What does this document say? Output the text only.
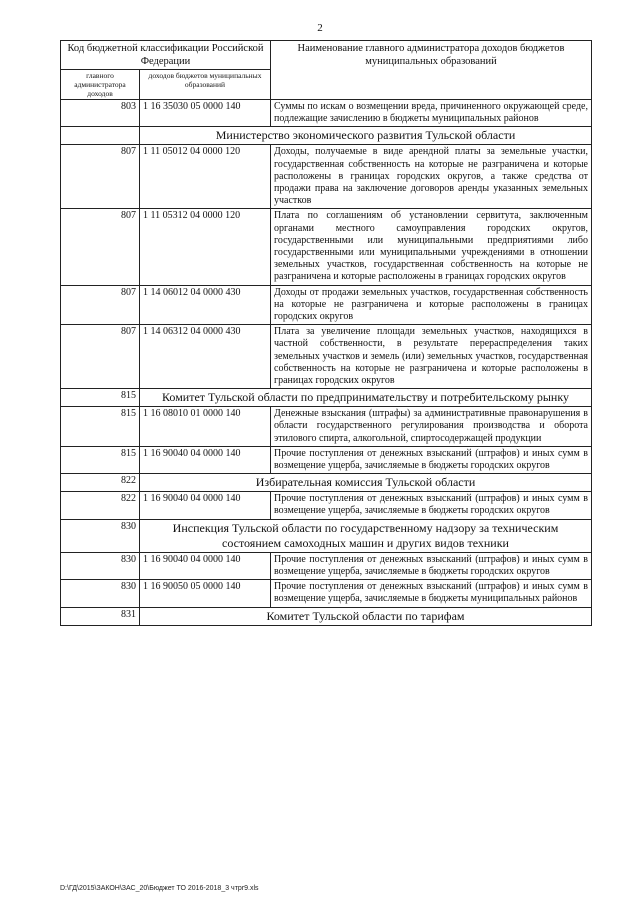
2
Код бюджетной классификации Российской Федерации		Наименование главного администратора доходов бюджетов муниципальных образований
главного администратора доходов	доходов бюджетов муниципальных образований	
803	1 16 35030 05 0000 140	Суммы по искам о возмещении вреда, причиненного окружающей среде, подлежащие зачислению в бюджеты муниципальных районов
	Министерство экономического развития Тульской области	
807	1 11 05012 04 0000 120	Доходы, получаемые в виде арендной платы за земельные участки, государственная собственность на которые не разграничена и которые расположены в границах городских округов, а также средства от продажи права на заключение договоров аренды указанных земельных участков
807	1 11 05312 04 0000 120	Плата по соглашениям об установлении сервитута, заключенным органами местного самоуправления городских округов, государственными или муниципальными предприятиями либо государственными или муниципальными учреждениями в отношении земельных участков, государственная собственность на которые не разграничена и которые расположены в границах городских округов
807	1 14 06012 04 0000 430	Доходы от продажи земельных участков, государственная собственность на которые не разграничена и которые расположены в границах городских округов
807	1 14 06312 04 0000 430	Плата за увеличение площади земельных участков, находящихся в частной собственности, в результате перераспределения таких земельных участков и земель (или) земельных участков, государственная собственность на которые не разграничена и которые расположены в границах городских округов
815	Комитет Тульской области по предпринимательству и потребительскому рынку	
815	1 16 08010 01 0000 140	Денежные взыскания (штрафы) за административные правонарушения в области государственного регулирования производства и оборота этилового спирта, алкогольной, спиртосодержащей продукции
815	1 16 90040 04 0000 140	Прочие поступления от денежных взысканий (штрафов) и иных сумм в возмещение ущерба, зачисляемые в бюджеты городских округов
822	Избирательная комиссия Тульской области	
822	1 16 90040 04 0000 140	Прочие поступления от денежных взысканий (штрафов) и иных сумм в возмещение ущерба, зачисляемые в бюджеты городских округов
830	Инспекция Тульской области по государственному надзору за техническим состоянием самоходных машин и других видов техники	
830	1 16 90040 04 0000 140	Прочие поступления от денежных взысканий (штрафов) и иных сумм в возмещение ущерба, зачисляемые в бюджеты городских округов
830	1 16 90050 05 0000 140	Прочие поступления от денежных взысканий (штрафов) и иных сумм в возмещение ущерба, зачисляемые в бюджеты муниципальных районов
831	Комитет Тульской области по тарифам	
D:\ГД\2015\ЗАКОН\ЗАС_20\Бюджет ТО 2016-2018_3 чтpr9.xls
